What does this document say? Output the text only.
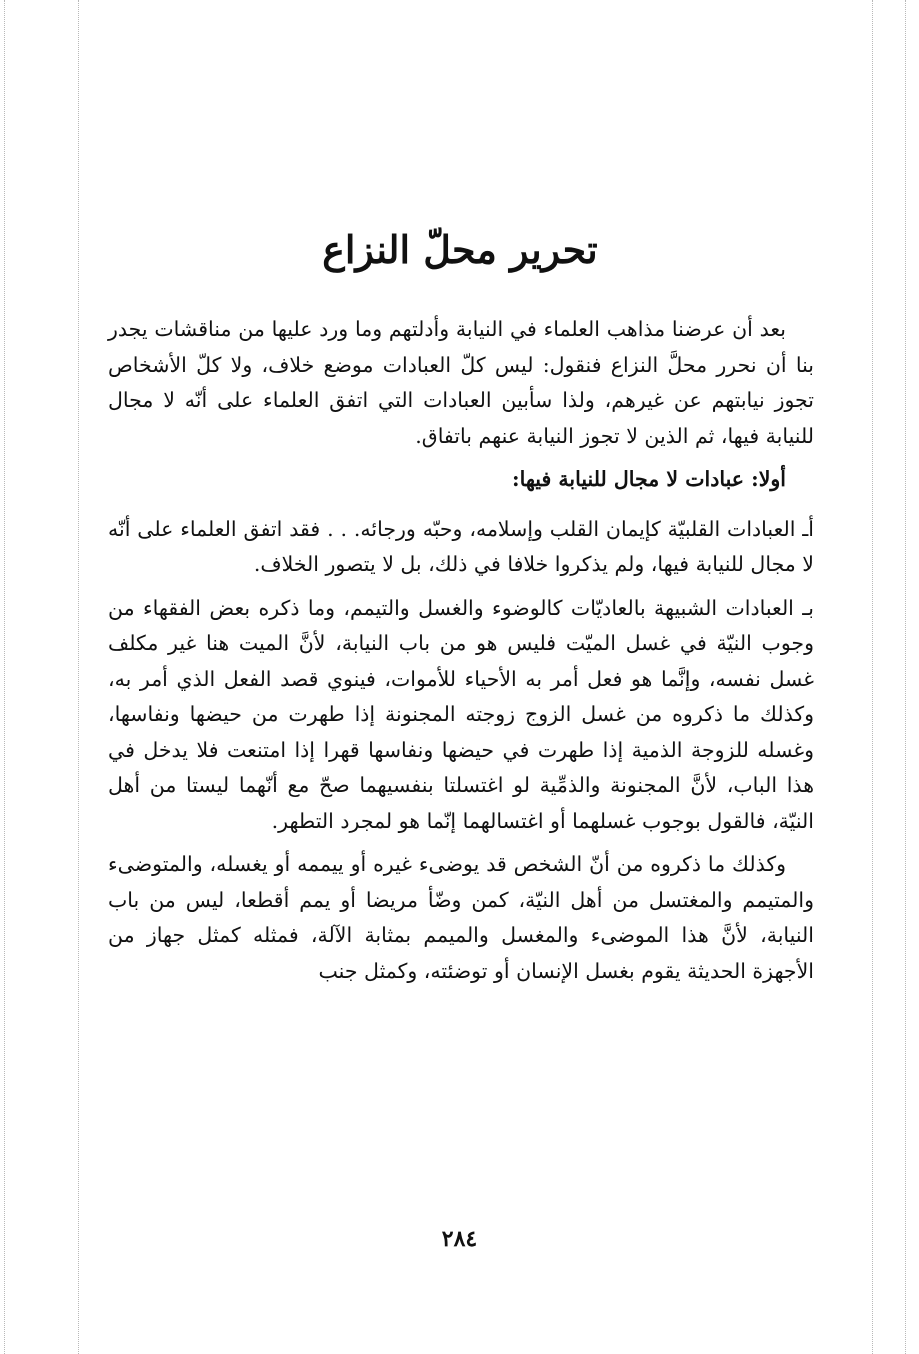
تحرير محلّ النزاع

بعد أن عرضنا مذاهب العلماء في النيابة وأدلتهم وما ورد عليها من مناقشات يجدر بنا أن نحرر محلَّ النزاع فنقول: ليس كلّ العبادات موضع خلاف، ولا كلّ الأشخاص تجوز نيابتهم عن غيرهم، ولذا سأبين العبادات التي اتفق العلماء على أنّه لا مجال للنيابة فيها، ثم الذين لا تجوز النيابة عنهم باتفاق.

أولا: عبادات لا مجال للنيابة فيها:

أـ العبادات القلبيّة كإيمان القلب وإسلامه، وحبّه ورجائه. . . فقد اتفق العلماء على أنّه لا مجال للنيابة فيها، ولم يذكروا خلافا في ذلك، بل لا يتصور الخلاف.

بـ العبادات الشبيهة بالعاديّات كالوضوء والغسل والتيمم، وما ذكره بعض الفقهاء من وجوب النيّة في غسل الميّت فليس هو من باب النيابة، لأنَّ الميت هنا غير مكلف غسل نفسه، وإنَّما هو فعل أمر به الأحياء للأموات، فينوي قصد الفعل الذي أمر به، وكذلك ما ذكروه من غسل الزوج زوجته المجنونة إذا طهرت من حيضها ونفاسها، وغسله للزوجة الذمية إذا طهرت في حيضها ونفاسها قهرا إذا امتنعت فلا يدخل في هذا الباب، لأنَّ المجنونة والذمِّية لو اغتسلتا بنفسيهما صحّ مع أنّهما ليستا من أهل النيّة، فالقول بوجوب غسلهما أو اغتسالهما إنّما هو لمجرد التطهر.

وكذلك ما ذكروه من أنّ الشخص قد يوضىء غيره أو ييممه أو يغسله، والمتوضىء والمتيمم والمغتسل من أهل النيّة، كمن وضّأ مريضا أو يمم أقطعا، ليس من باب النيابة، لأنَّ هذا الموضىء والمغسل والميمم بمثابة الآلة، فمثله كمثل جهاز من الأجهزة الحديثة يقوم بغسل الإنسان أو توضئته، وكمثل جنب

٢٨٤
